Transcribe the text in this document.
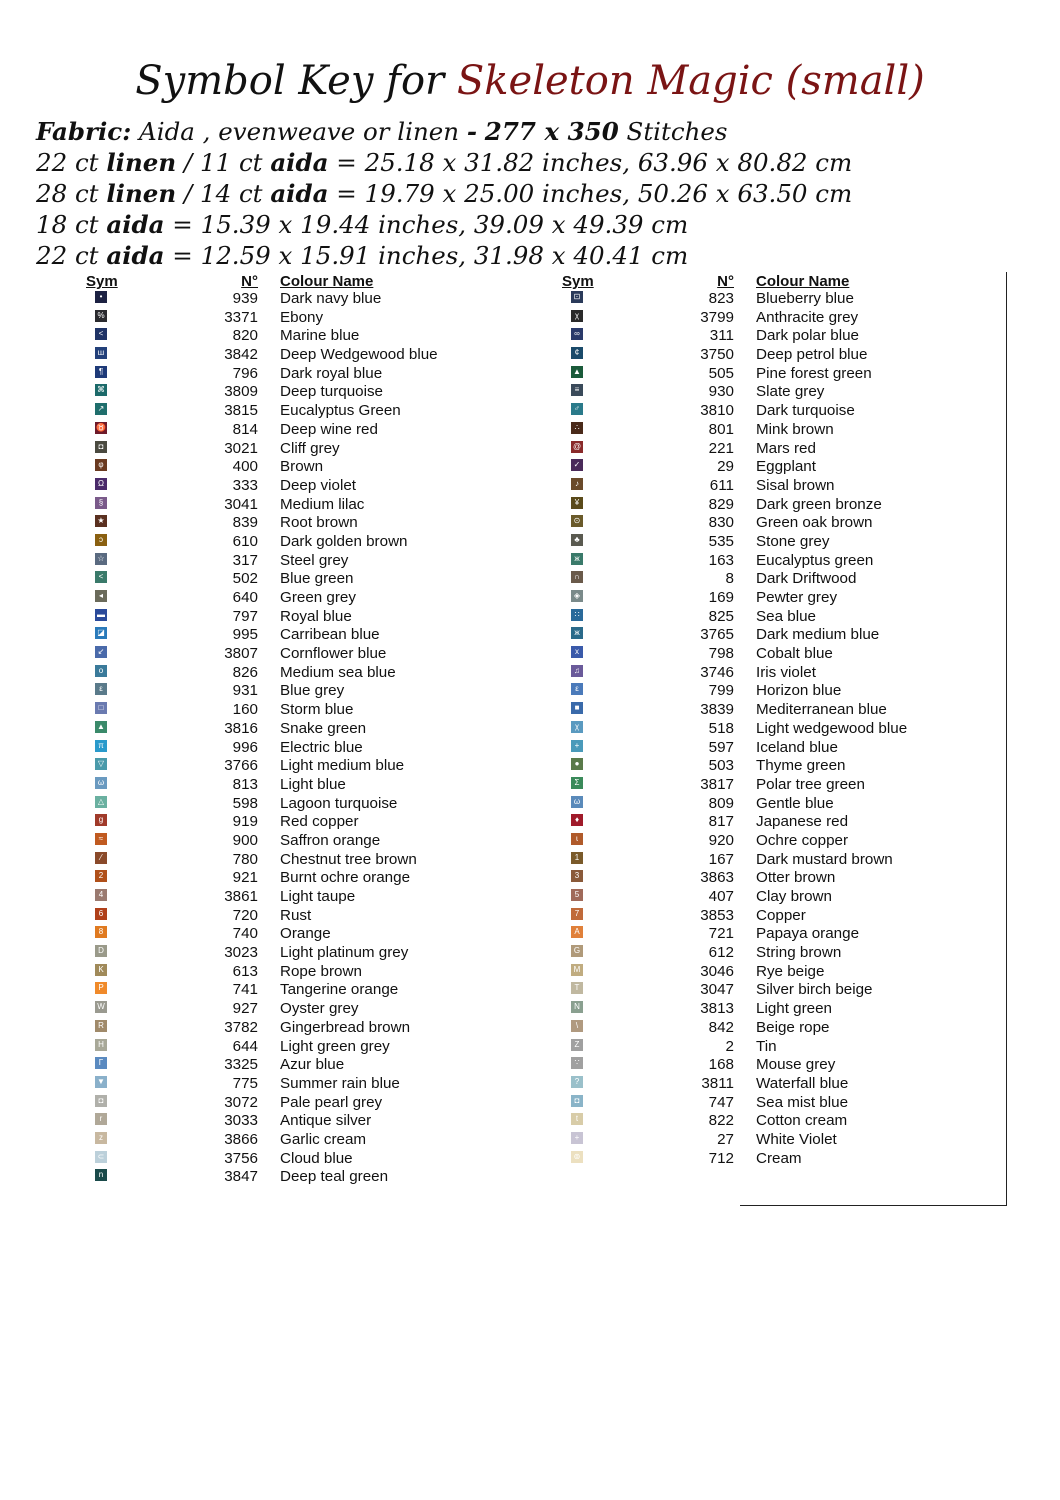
Symbol Key for Skeleton Magic (small)
Fabric: Aida , evenweave or linen - 277 x 350 Stitches
22 ct linen / 11 ct aida = 25.18 x 31.82 inches, 63.96 x 80.82 cm
28 ct linen / 14 ct aida = 19.79 x 25.00 inches, 50.26 x 63.50 cm
18 ct aida = 15.39 x 19.44 inches, 39.09 x 49.39 cm
22 ct aida = 12.59 x 15.91 inches, 31.98 x 40.41 cm
Sym	N° Colour Name
•	939 Dark navy blue
%	3371 Ebony
<	820 Marine blue
ш	3842 Deep Wedgewood blue
¶	796 Dark royal blue
⌘	3809 Deep turquoise
↗	3815 Eucalyptus Green
♉	814 Deep wine red
◘	3021 Cliff grey
φ	400 Brown
Ω	333 Deep violet
§	3041 Medium lilac
★	839 Root brown
ɔ	610 Dark golden brown
☆	317 Steel grey
<	502 Blue green
◂	640 Green grey
▬	797 Royal blue
◪	995 Carribean blue
↙	3807 Cornflower blue
o	826 Medium sea blue
ε	931 Blue grey
□	160 Storm blue
▲	3816 Snake green
π	996 Electric blue
▽	3766 Light medium blue
ω	813 Light blue
△	598 Lagoon turquoise
g	919 Red copper
≈	900 Saffron orange
⁄	780 Chestnut tree brown
2	921 Burnt ochre orange
4	3861 Light taupe
6	720 Rust
8	740 Orange
D	3023 Light platinum grey
K	613 Rope brown
P	741 Tangerine orange
W	927 Oyster grey
R	3782 Gingerbread brown
H	644 Light green grey
Γ	3325 Azur blue
▼	775 Summer rain blue
◘	3072 Pale pearl grey
r	3033 Antique silver
z	3866 Garlic cream
⊂	3756 Cloud blue
n	3847 Deep teal green
Sym	N° Colour Name
⊡	823 Blueberry blue
χ	3799 Anthracite grey
∞	311 Dark polar blue
¢	3750 Deep petrol blue
▲	505 Pine forest green
≡	930 Slate grey
♂	3810 Dark turquoise
∴	801 Mink brown
@	221 Mars red
✓	29 Eggplant
♪	611 Sisal brown
¥	829 Dark green bronze
⊙	830 Green oak brown
♣	535 Stone grey
ж	163 Eucalyptus green
∩	8 Dark Driftwood
◈	169 Pewter grey
∷	825 Sea blue
ж	3765 Dark medium blue
x	798 Cobalt blue
♫	3746 Iris violet
ε	799 Horizon blue
■	3839 Mediterranean blue
χ	518 Light wedgewood blue
+	597 Iceland blue
●	503 Thyme green
Σ	3817 Polar tree green
ω	809 Gentle blue
♦	817 Japanese red
ɩ	920 Ochre copper
1	167 Dark mustard brown
3	3863 Otter brown
5	407 Clay brown
7	3853 Copper
A	721 Papaya orange
G	612 String brown
M	3046 Rye beige
T	3047 Silver birch beige
N	3813 Light green
\	842 Beige rope
Z	2 Tin
∵	168 Mouse grey
?	3811 Waterfall blue
◘	747 Sea mist blue
t	822 Cotton cream
+	27 White Violet
⊚	712 Cream
